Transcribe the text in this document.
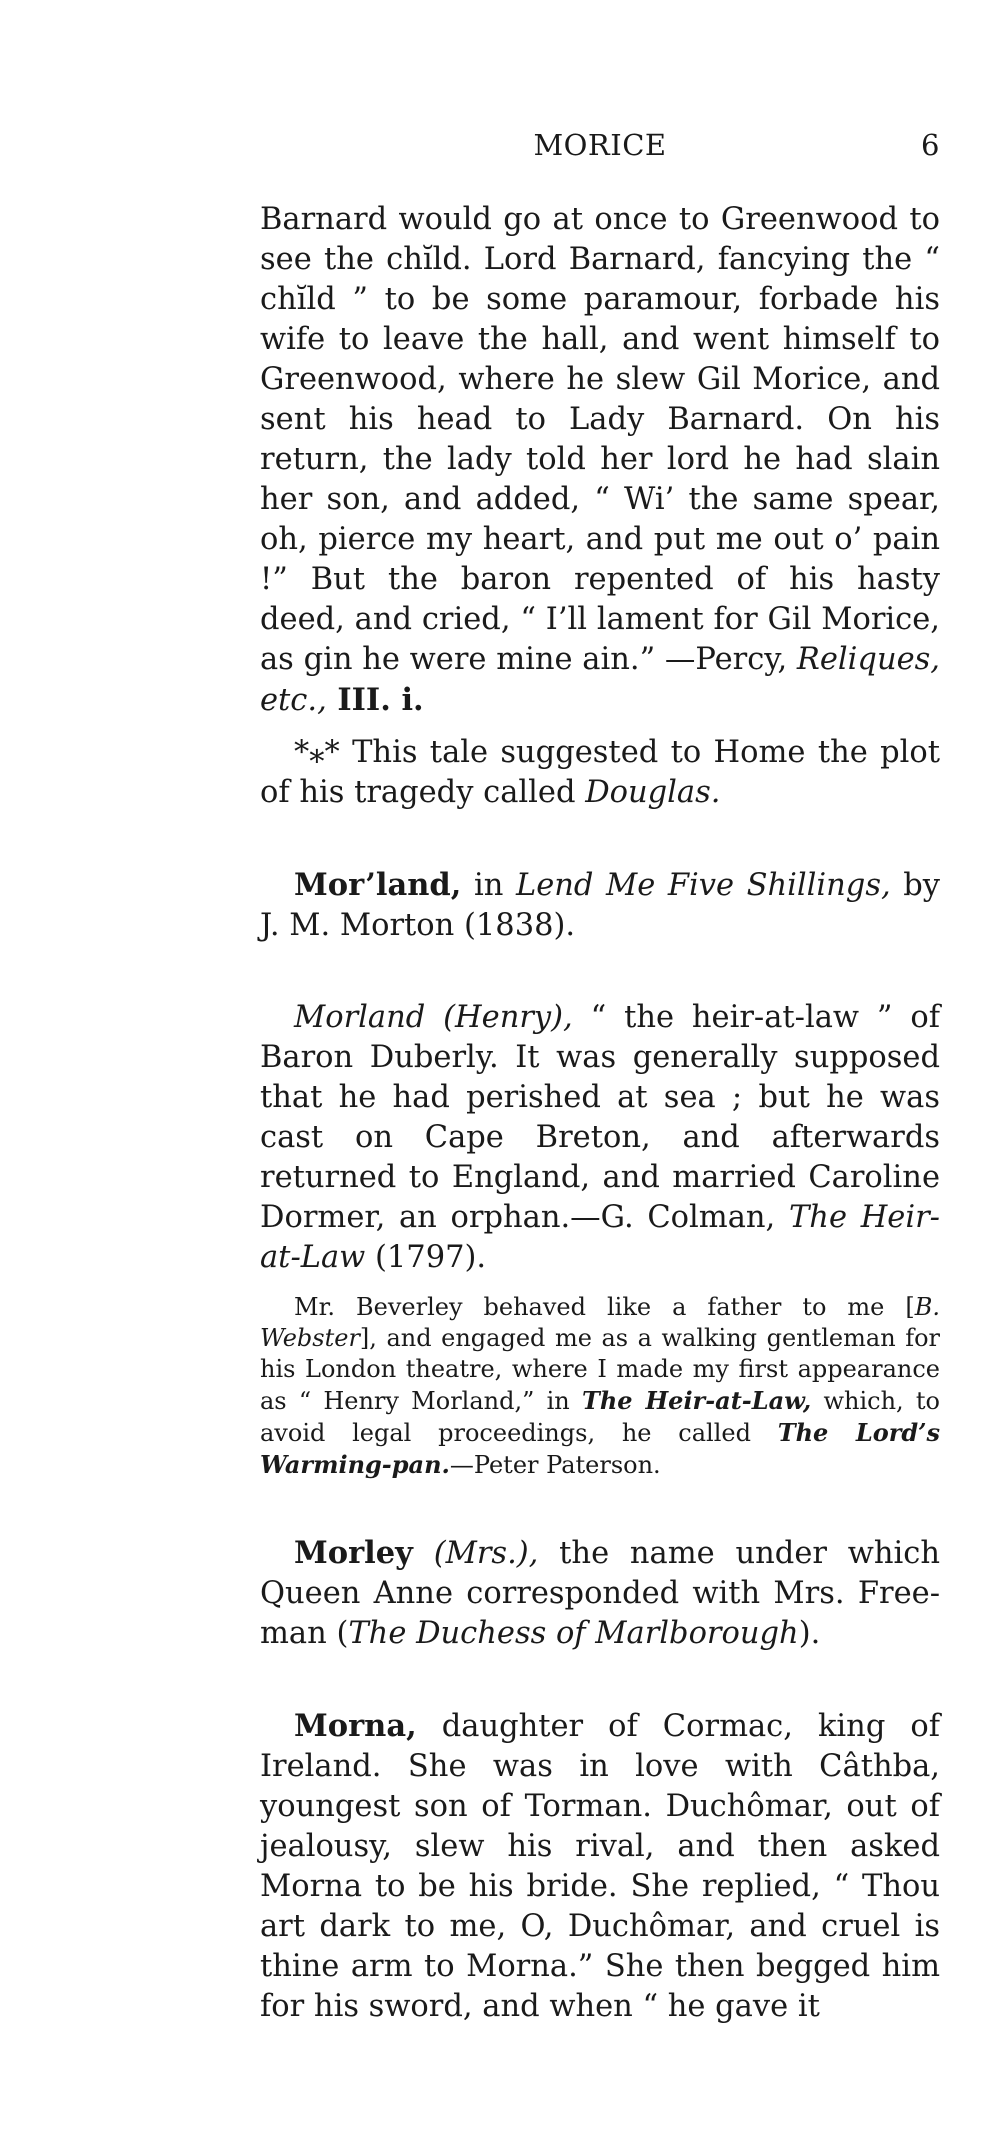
MORICE	6

Barnard would go at once to Greenwood to see the chĭld. Lord Barnard, fancying the “ chĭld ” to be some paramour, forbade his wife to leave the hall, and went himself to Greenwood, where he slew Gil Morice, and sent his head to Lady Barnard. On his return, the lady told her lord he had slain her son, and added, “ Wi’ the same spear, oh, pierce my heart, and put me out o’ pain !” But the baron repented of his hasty deed, and cried, “ I’ll lament for Gil Morice, as gin he were mine ain.” —Percy, Reliques, etc., III. i.

*⁎* This tale suggested to Home the plot of his tragedy called Douglas.

Mor’land, in Lend Me Five Shillings, by J. M. Morton (1838).

Morland (Henry), “ the heir-at-law ” of Baron Duberly. It was generally supposed that he had perished at sea ; but he was cast on Cape Breton, and afterwards returned to England, and married Caroline Dormer, an orphan.—G. Colman, The Heir-at-Law (1797).

Mr. Beverley behaved like a father to me [B. Webster], and engaged me as a walking gentleman for his London theatre, where I made my first appearance as “ Henry Morland,” in The Heir-at-Law, which, to avoid legal proceedings, he called The Lord’s Warming-pan.—Peter Paterson.

Morley (Mrs.), the name under which Queen Anne corresponded with Mrs. Freeman (The Duchess of Marlborough).

Morna, daughter of Cormac, king of Ireland. She was in love with Câthba, youngest son of Torman. Duchômar, out of jealousy, slew his rival, and then asked Morna to be his bride. She replied, “ Thou art dark to me, O, Duchômar, and cruel is thine arm to Morna.” She then begged him for his sword, and when “ he gave it
